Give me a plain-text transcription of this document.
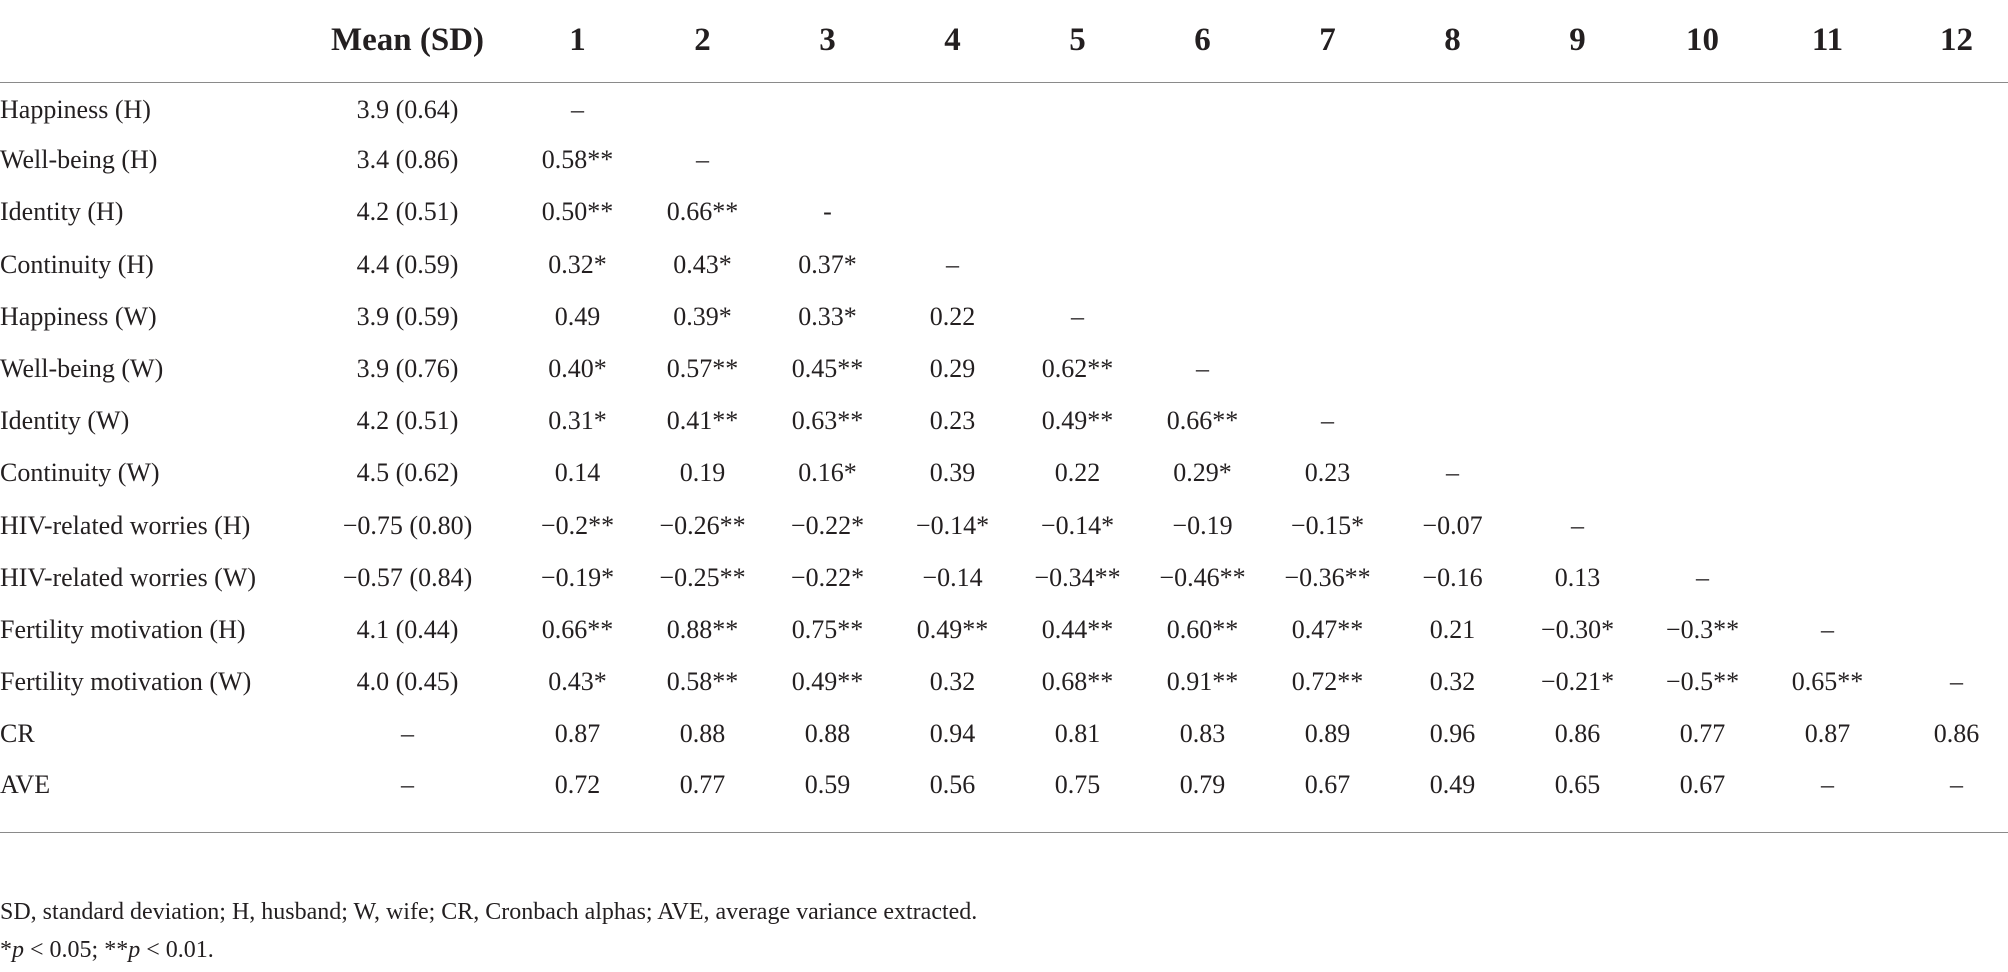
	Mean (SD)	1	2	3	4	5	6	7	8	9	10	11	12
Happiness (H)	3.9 (0.64)	–											
Well-being (H)	3.4 (0.86)	0.58**	–										
Identity (H)	4.2 (0.51)	0.50**	0.66**	-									
Continuity (H)	4.4 (0.59)	0.32*	0.43*	0.37*	–								
Happiness (W)	3.9 (0.59)	0.49	0.39*	0.33*	0.22	–							
Well-being (W)	3.9 (0.76)	0.40*	0.57**	0.45**	0.29	0.62**	–						
Identity (W)	4.2 (0.51)	0.31*	0.41**	0.63**	0.23	0.49**	0.66**	–					
Continuity (W)	4.5 (0.62)	0.14	0.19	0.16*	0.39	0.22	0.29*	0.23	–				
HIV-related worries (H)	−0.75 (0.80)	−0.2**	−0.26**	−0.22*	−0.14*	−0.14*	−0.19	−0.15*	−0.07	–			
HIV-related worries (W)	−0.57 (0.84)	−0.19*	−0.25**	−0.22*	−0.14	−0.34**	−0.46**	−0.36**	−0.16	0.13	–		
Fertility motivation (H)	4.1 (0.44)	0.66**	0.88**	0.75**	0.49**	0.44**	0.60**	0.47**	0.21	−0.30*	−0.3**	–	
Fertility motivation (W)	4.0 (0.45)	0.43*	0.58**	0.49**	0.32	0.68**	0.91**	0.72**	0.32	−0.21*	−0.5**	0.65**	–
CR	–	0.87	0.88	0.88	0.94	0.81	0.83	0.89	0.96	0.86	0.77	0.87	0.86
AVE	–	0.72	0.77	0.59	0.56	0.75	0.79	0.67	0.49	0.65	0.67	–	–
SD, standard deviation; H, husband; W, wife; CR, Cronbach alphas; AVE, average variance extracted.
*p < 0.05; **p < 0.01.
